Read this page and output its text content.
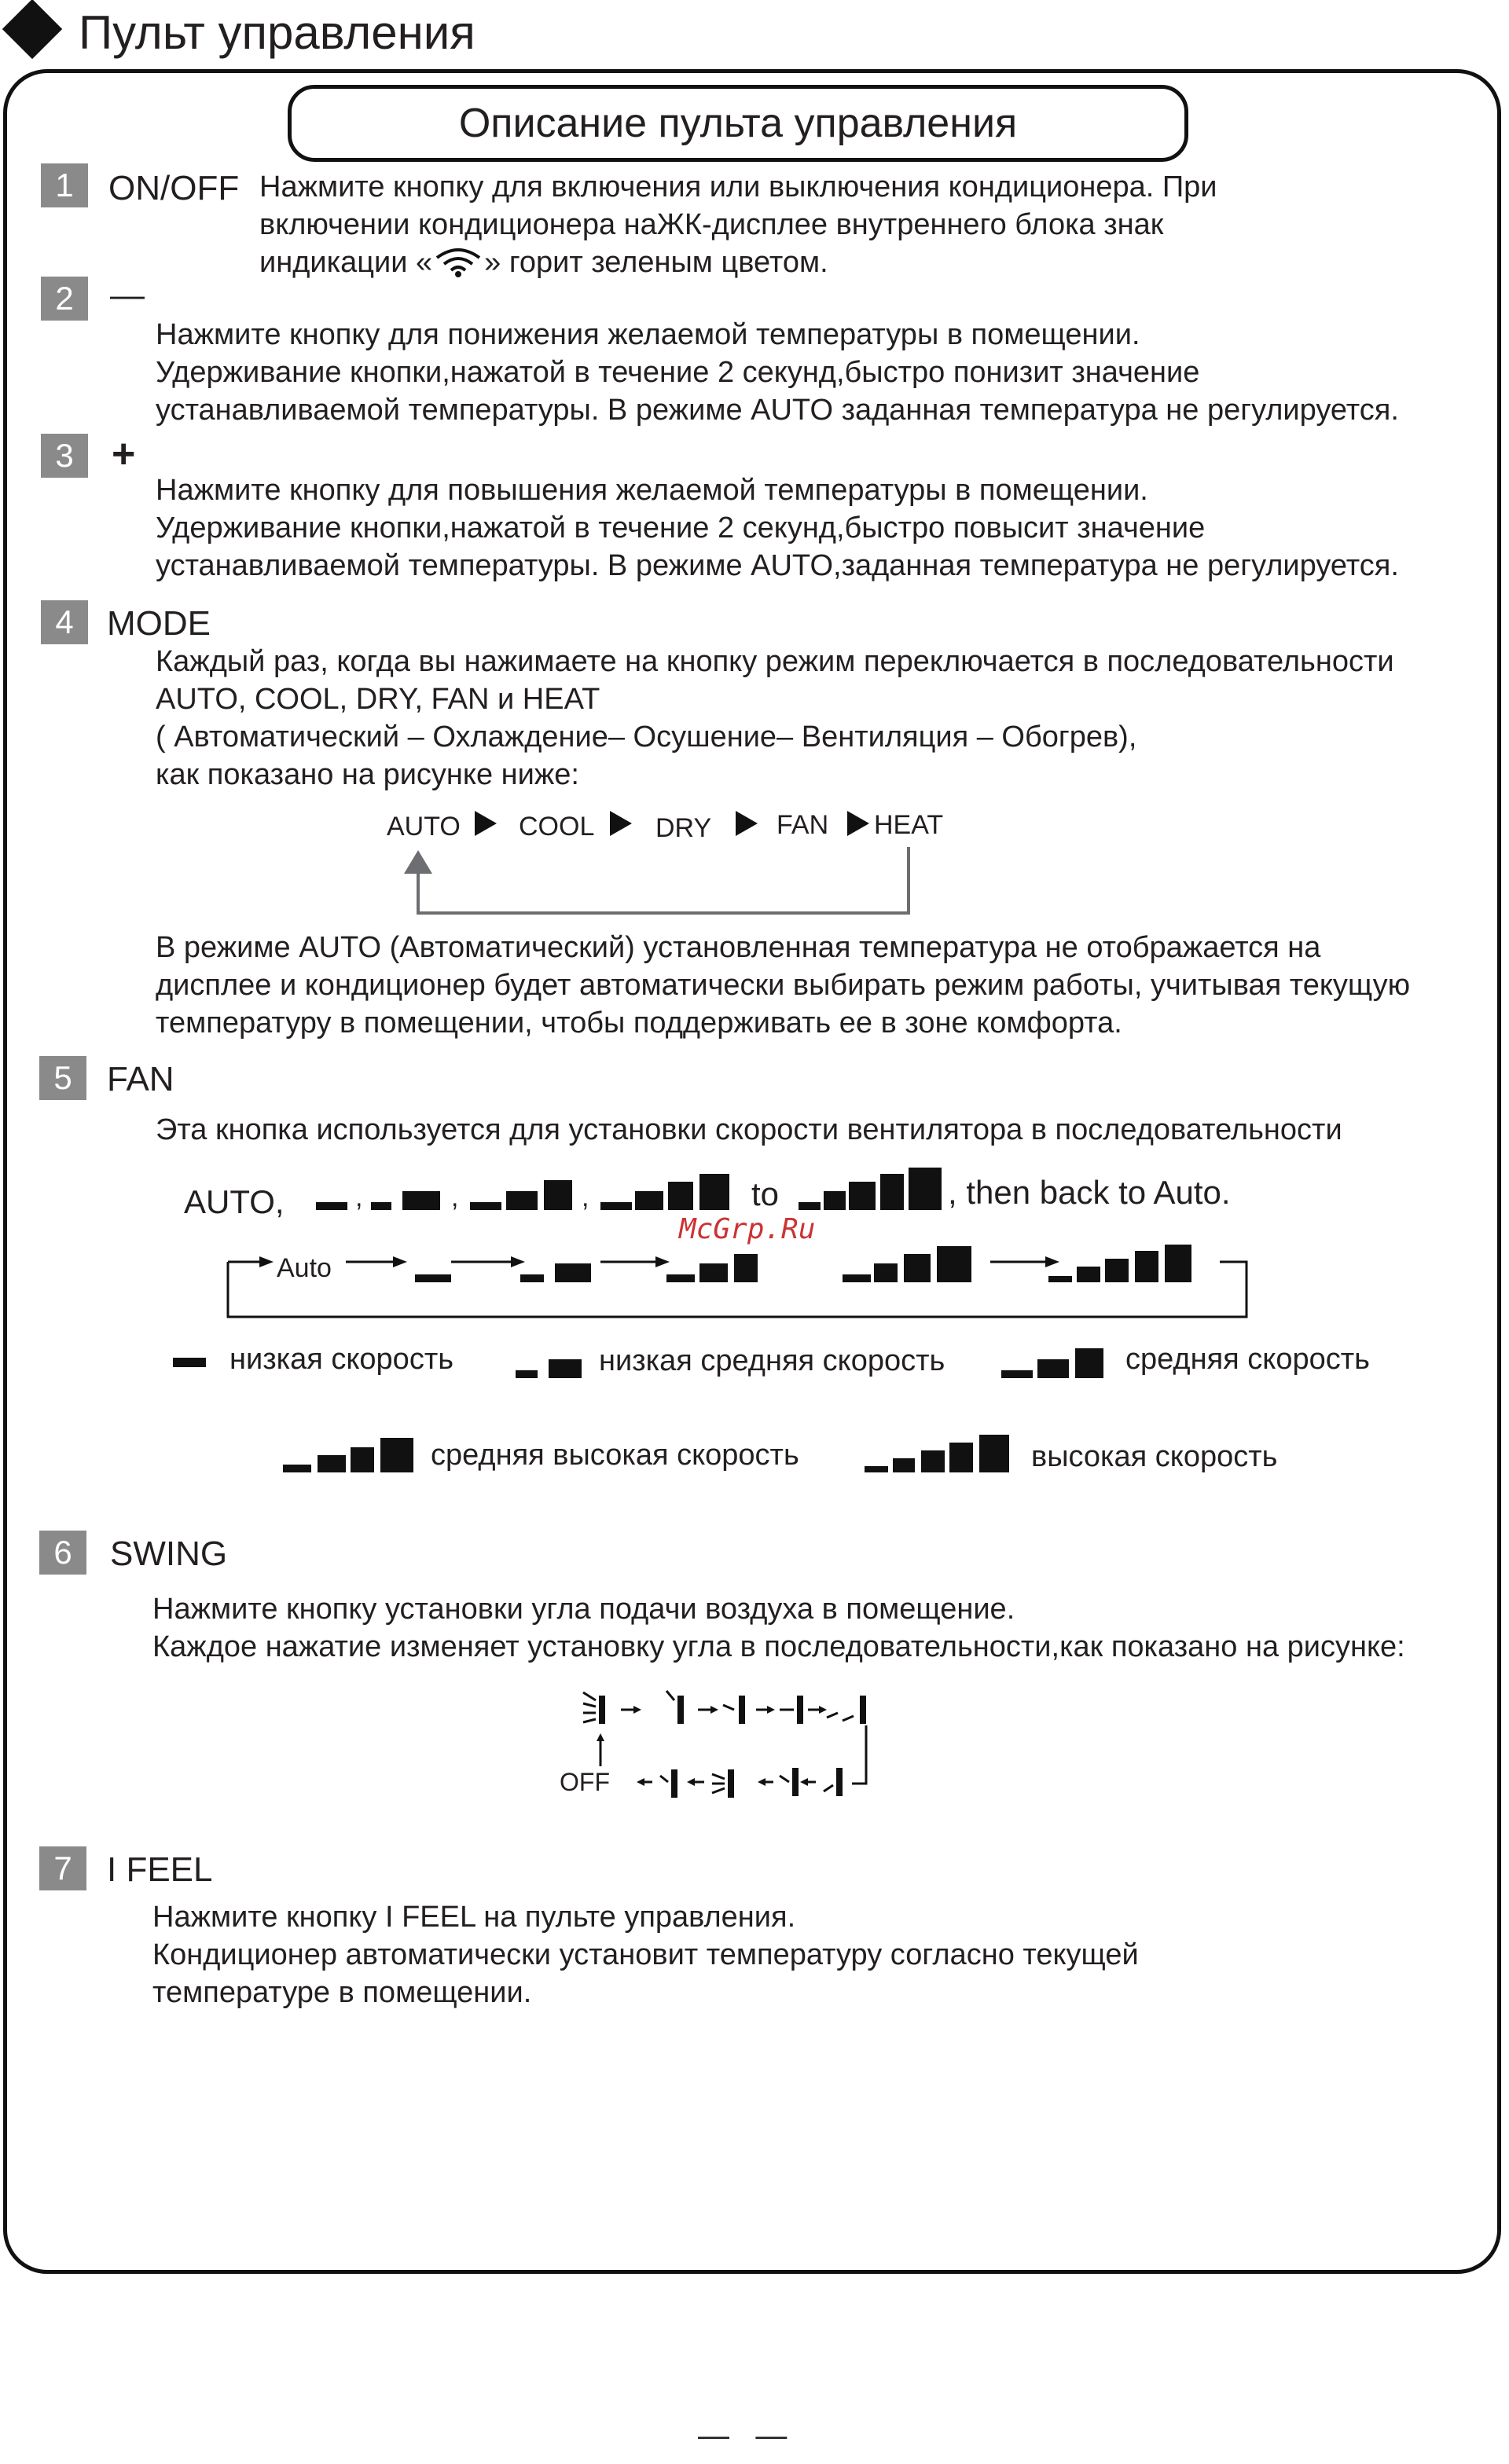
Пульт управления
Описание пульта управления
1	ON/OFF Нажмите кнопку для включения или выключения кондиционера. При
включении кондиционера наЖК-дисплее внутреннего блока знак
индикации « » горит зеленым цветом.
2	—
Нажмите кнопку для понижения желаемой температуры в помещении.
Удерживание кнопки,нажатой в течение 2 секунд,быстро понизит значение
устанавливаемой температуры. В режиме AUTO заданная температура не регулируется.
3 +
Нажмите кнопку для повышения желаемой температуры в помещении.
Удерживание кнопки,нажатой в течение 2 секунд,быстро повысит значение
устанавливаемой температуры. В режиме AUTO,заданная температура не регулируется.
4 MODE
Каждый раз, когда вы нажимаете на кнопку режим переключается в последовательности
AUTO, COOL, DRY, FAN и HEAT
( Автоматический – Охлаждение– Осушение– Вентиляция – Обогрев),
как показано на рисунке ниже:
AUTO COOL DRY FAN HEAT
В режиме AUTO (Автоматический) установленная температура не отображается на
дисплее и кондиционер будет автоматически выбирать режим работы, учитывая текущую
температуру в помещении, чтобы поддерживать ее в зоне комфорта.
5	FAN
Эта кнопка используется для установки скорости вентилятора в последовательности
AUTO,	,	,	,	to	, then back to Auto.
McGrp.Ru
Auto
низкая скорость	низкая средняя скорость	средняя скорость
средняя высокая скорость	высокая скорость
6	SWING
Нажмите кнопку установки угла подачи воздуха в помещение.
Каждое нажатие изменяет установку угла в последовательности,как показано на рисунке:
OFF
7	I FEEL
Нажмите кнопку I FEEL на пульте управления.
Кондиционер автоматически установит температуру согласно текущей
температуре в помещении.
—   —
